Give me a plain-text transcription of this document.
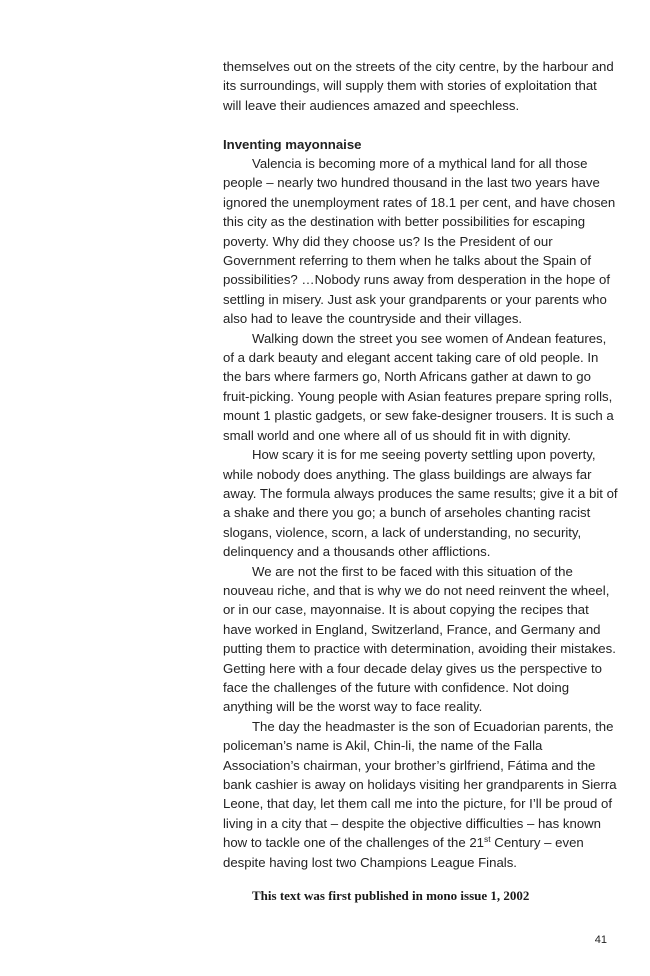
themselves out on the streets of the city centre, by the harbour and its surroundings, will supply them with stories of exploitation that will leave their audiences amazed and speechless.

Inventing mayonnaise

Valencia is becoming more of a mythical land for all those people – nearly two hundred thousand in the last two years have ignored the unemployment rates of 18.1 per cent, and have chosen this city as the destination with better possibilities for escaping poverty. Why did they choose us? Is the President of our Government referring to them when he talks about the Spain of possibilities? …Nobody runs away from desperation in the hope of settling in misery. Just ask your grandparents or your parents who also had to leave the countryside and their villages.

Walking down the street you see women of Andean features, of a dark beauty and elegant accent taking care of old people. In the bars where farmers go, North Africans gather at dawn to go fruit-picking. Young people with Asian features prepare spring rolls, mount 1 plastic gadgets, or sew fake-designer trousers. It is such a small world and one where all of us should fit in with dignity.

How scary it is for me seeing poverty settling upon poverty, while nobody does anything. The glass buildings are always far away. The formula always produces the same results; give it a bit of a shake and there you go; a bunch of arseholes chanting racist slogans, violence, scorn, a lack of understanding, no security, delinquency and a thousands other afflictions.

We are not the first to be faced with this situation of the nouveau riche, and that is why we do not need reinvent the wheel, or in our case, mayonnaise. It is about copying the recipes that have worked in England, Switzerland, France, and Germany and putting them to practice with determination, avoiding their mistakes. Getting here with a four decade delay gives us the perspective to face the challenges of the future with confidence. Not doing anything will be the worst way to face reality.

The day the headmaster is the son of Ecuadorian parents, the policeman’s name is Akil, Chin-li, the name of the Falla Association’s chairman, your brother’s girlfriend, Fátima and the bank cashier is away on holidays visiting her grandparents in Sierra Leone, that day, let them call me into the picture, for I’ll be proud of living in a city that – despite the objective difficulties – has known how to tackle one of the challenges of the 21st Century – even despite having lost two Champions League Finals.

This text was first published in mono issue 1, 2002
41
